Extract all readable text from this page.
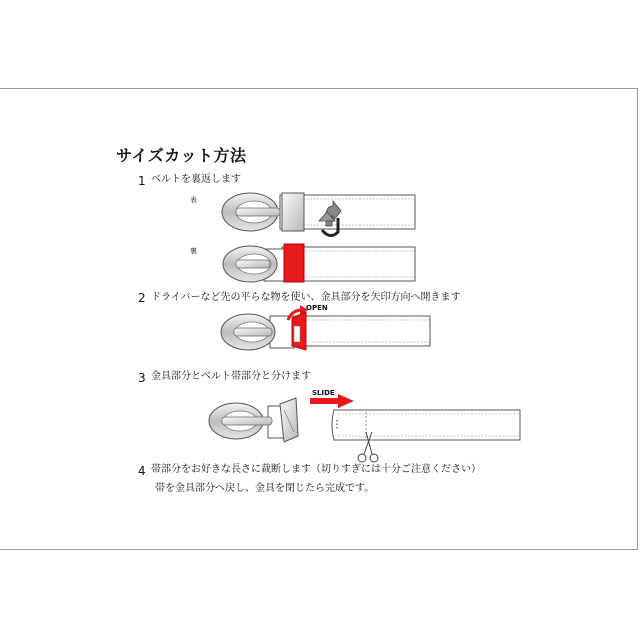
サイズカット方法
1 ベルトを裏返します
表
裏
2 ドライバーなど先の平らな物を使い、金具部分を矢印方向へ開きます
OPEN
3 金具部分とベルト帯部分と分けます
SLIDE
4 帯部分をお好きな長さに裁断します（切りすぎには十分ご注意ください）
帯を金具部分へ戻し、金具を閉じたら完成です。
